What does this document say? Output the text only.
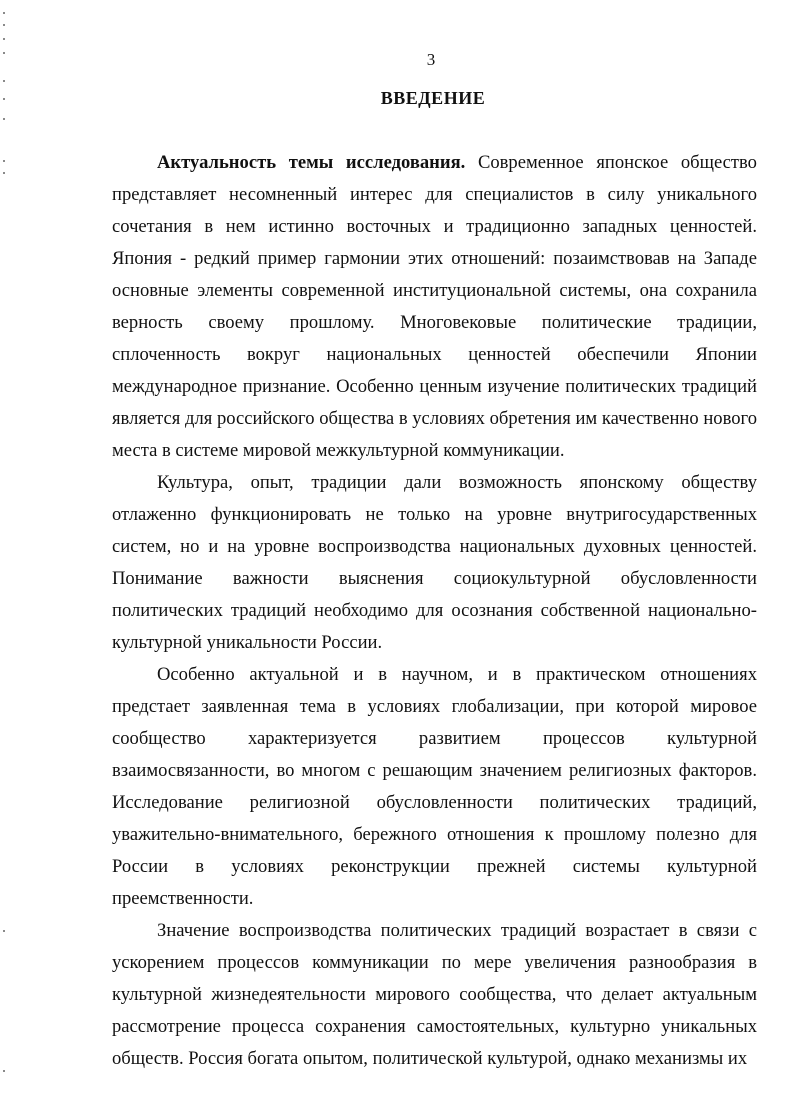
3
ВВЕДЕНИЕ

Актуальность темы исследования. Современное японское общество представляет несомненный интерес для специалистов в силу уникального сочетания в нем истинно восточных и традиционно западных ценностей. Япония - редкий пример гармонии этих отношений: позаимствовав на Западе основные элементы современной институциональной системы, она сохранила верность своему прошлому. Многовековые политические традиции, сплоченность вокруг национальных ценностей обеспечили Японии международное признание. Особенно ценным изучение политических традиций является для российского общества в условиях обретения им качественно нового места в системе мировой межкультурной коммуникации.

Культура, опыт, традиции дали возможность японскому обществу отлаженно функционировать не только на уровне внутригосударственных систем, но и на уровне воспроизводства национальных духовных ценностей. Понимание важности выяснения социокультурной обусловленности политических традиций необходимо для осознания собственной национально-культурной уникальности России.

Особенно актуальной и в научном, и в практическом отношениях предстает заявленная тема в условиях глобализации, при которой мировое сообщество характеризуется развитием процессов культурной взаимосвязанности, во многом с решающим значением религиозных факторов. Исследование религиозной обусловленности политических традиций, уважительно-внимательного, бережного отношения к прошлому полезно для России в условиях реконструкции прежней системы культурной преемственности.

Значение воспроизводства политических традиций возрастает в связи с ускорением процессов коммуникации по мере увеличения разнообразия в культурной жизнедеятельности мирового сообщества, что делает актуальным рассмотрение процесса сохранения самостоятельных, культурно уникальных обществ. Россия богата опытом, политической культурой, однако механизмы их
